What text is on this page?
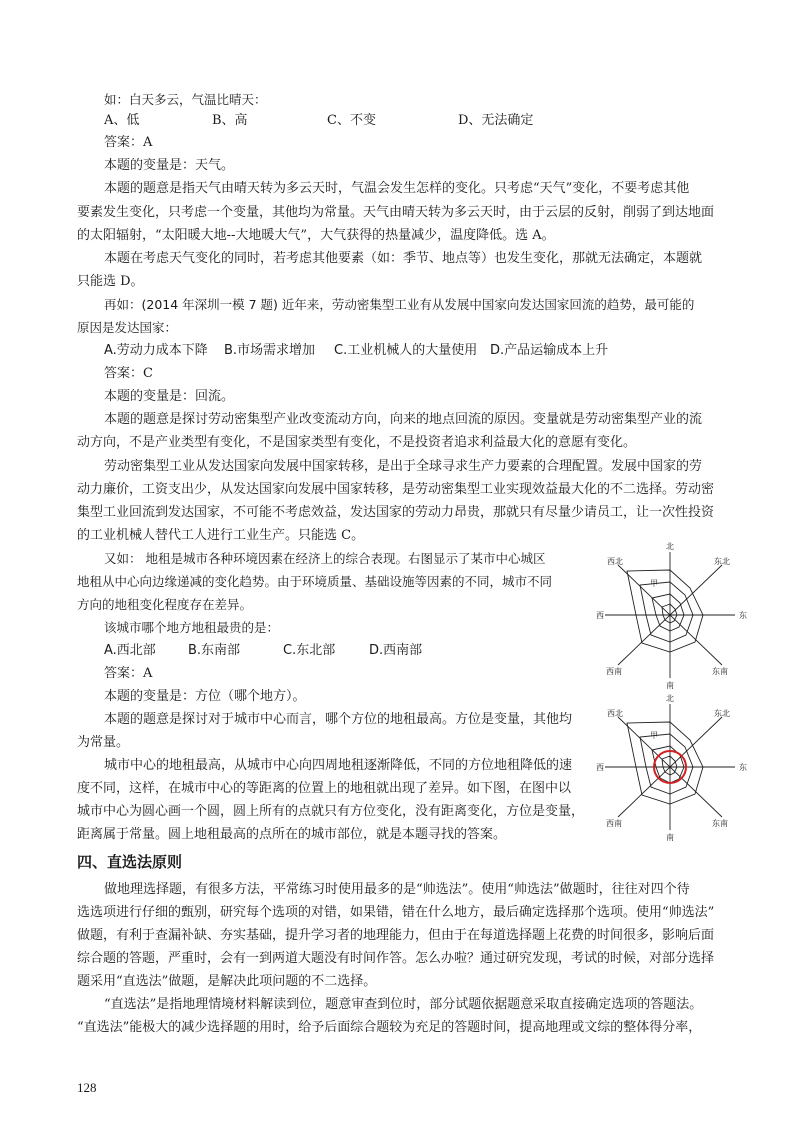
如：白天多云，气温比晴天：
A、低	B、高	C、不变	D、无法确定
答案：A
本题的变量是：天气。
本题的题意是指天气由晴天转为多云天时，气温会发生怎样的变化。只考虑“天气”变化，不要考虑其他
要素发生变化，只考虑一个变量，其他均为常量。天气由晴天转为多云天时，由于云层的反射，削弱了到达地面
的太阳辐射，“太阳暖大地--大地暖大气”，大气获得的热量减少，温度降低。选 A。
本题在考虑天气变化的同时，若考虑其他要素（如：季节、地点等）也发生变化，那就无法确定，本题就
只能选 D。
再如：(2014 年深圳一模 7 题) 近年来，劳动密集型工业有从发展中国家向发达国家回流的趋势，最可能的
原因是发达国家：
A.劳动力成本下降 B.市场需求增加 C.工业机械人的大量使用 D.产品运输成本上升
答案：C
本题的变量是：回流。
本题的题意是探讨劳动密集型产业改变流动方向，向来的地点回流的原因。变量就是劳动密集型产业的流
动方向，不是产业类型有变化，不是国家类型有变化，不是投资者追求利益最大化的意愿有变化。
劳动密集型工业从发达国家向发展中国家转移，是出于全球寻求生产力要素的合理配置。发展中国家的劳
动力廉价，工资支出少，从发达国家向发展中国家转移，是劳动密集型工业实现效益最大化的不二选择。劳动密
集型工业回流到发达国家，不可能不考虑效益，发达国家的劳动力昂贵，那就只有尽量少请员工，让一次性投资
的工业机械人替代工人进行工业生产。只能选 C。
又如： 地租是城市各种环境因素在经济上的综合表现。右图显示了某市中心城区
地租从中心向边缘递减的变化趋势。由于环境质量、基础设施等因素的不同，城市不同
方向的地租变化程度存在差异。
该城市哪个地方地租最贵的是：
A.西北部 B.东南部	C.东北部	D.西南部
答案：A
本题的变量是：方位（哪个地方）。
本题的题意是探讨对于城市中心而言，哪个方位的地租最高。方位是变量，其他均
为常量。
城市中心的地租最高，从城市中心向四周地租逐渐降低，不同的方位地租降低的速
度不同，这样，在城市中心的等距离的位置上的地租就出现了差异。如下图，在图中以
城市中心为圆心画一个圆，圆上所有的点就只有方位变化，没有距离变化，方位是变量，
距离属于常量。圆上地租最高的点所在的城市部位，就是本题寻找的答案。
北
东北
东
东南
南
西南
西
西北
甲
北
东北
东
东南
南
西南
西
西北
甲
四、直选法原则
做地理选择题，有很多方法，平常练习时使用最多的是“帅选法”。使用“帅选法”做题时，往往对四个待
选选项进行仔细的甄别，研究每个选项的对错，如果错，错在什么地方，最后确定选择那个选项。使用“帅选法”
做题，有利于查漏补缺、夯实基础，提升学习者的地理能力，但由于在每道选择题上花费的时间很多，影响后面
综合题的答题，严重时，会有一到两道大题没有时间作答。怎么办啦？通过研究发现，考试的时候，对部分选择
题采用“直选法”做题，是解决此项问题的不二选择。
“直选法”是指地理情境材料解读到位，题意审查到位时，部分试题依据题意采取直接确定选项的答题法。
“直选法”能极大的减少选择题的用时，给予后面综合题较为充足的答题时间，提高地理或文综的整体得分率，
128
